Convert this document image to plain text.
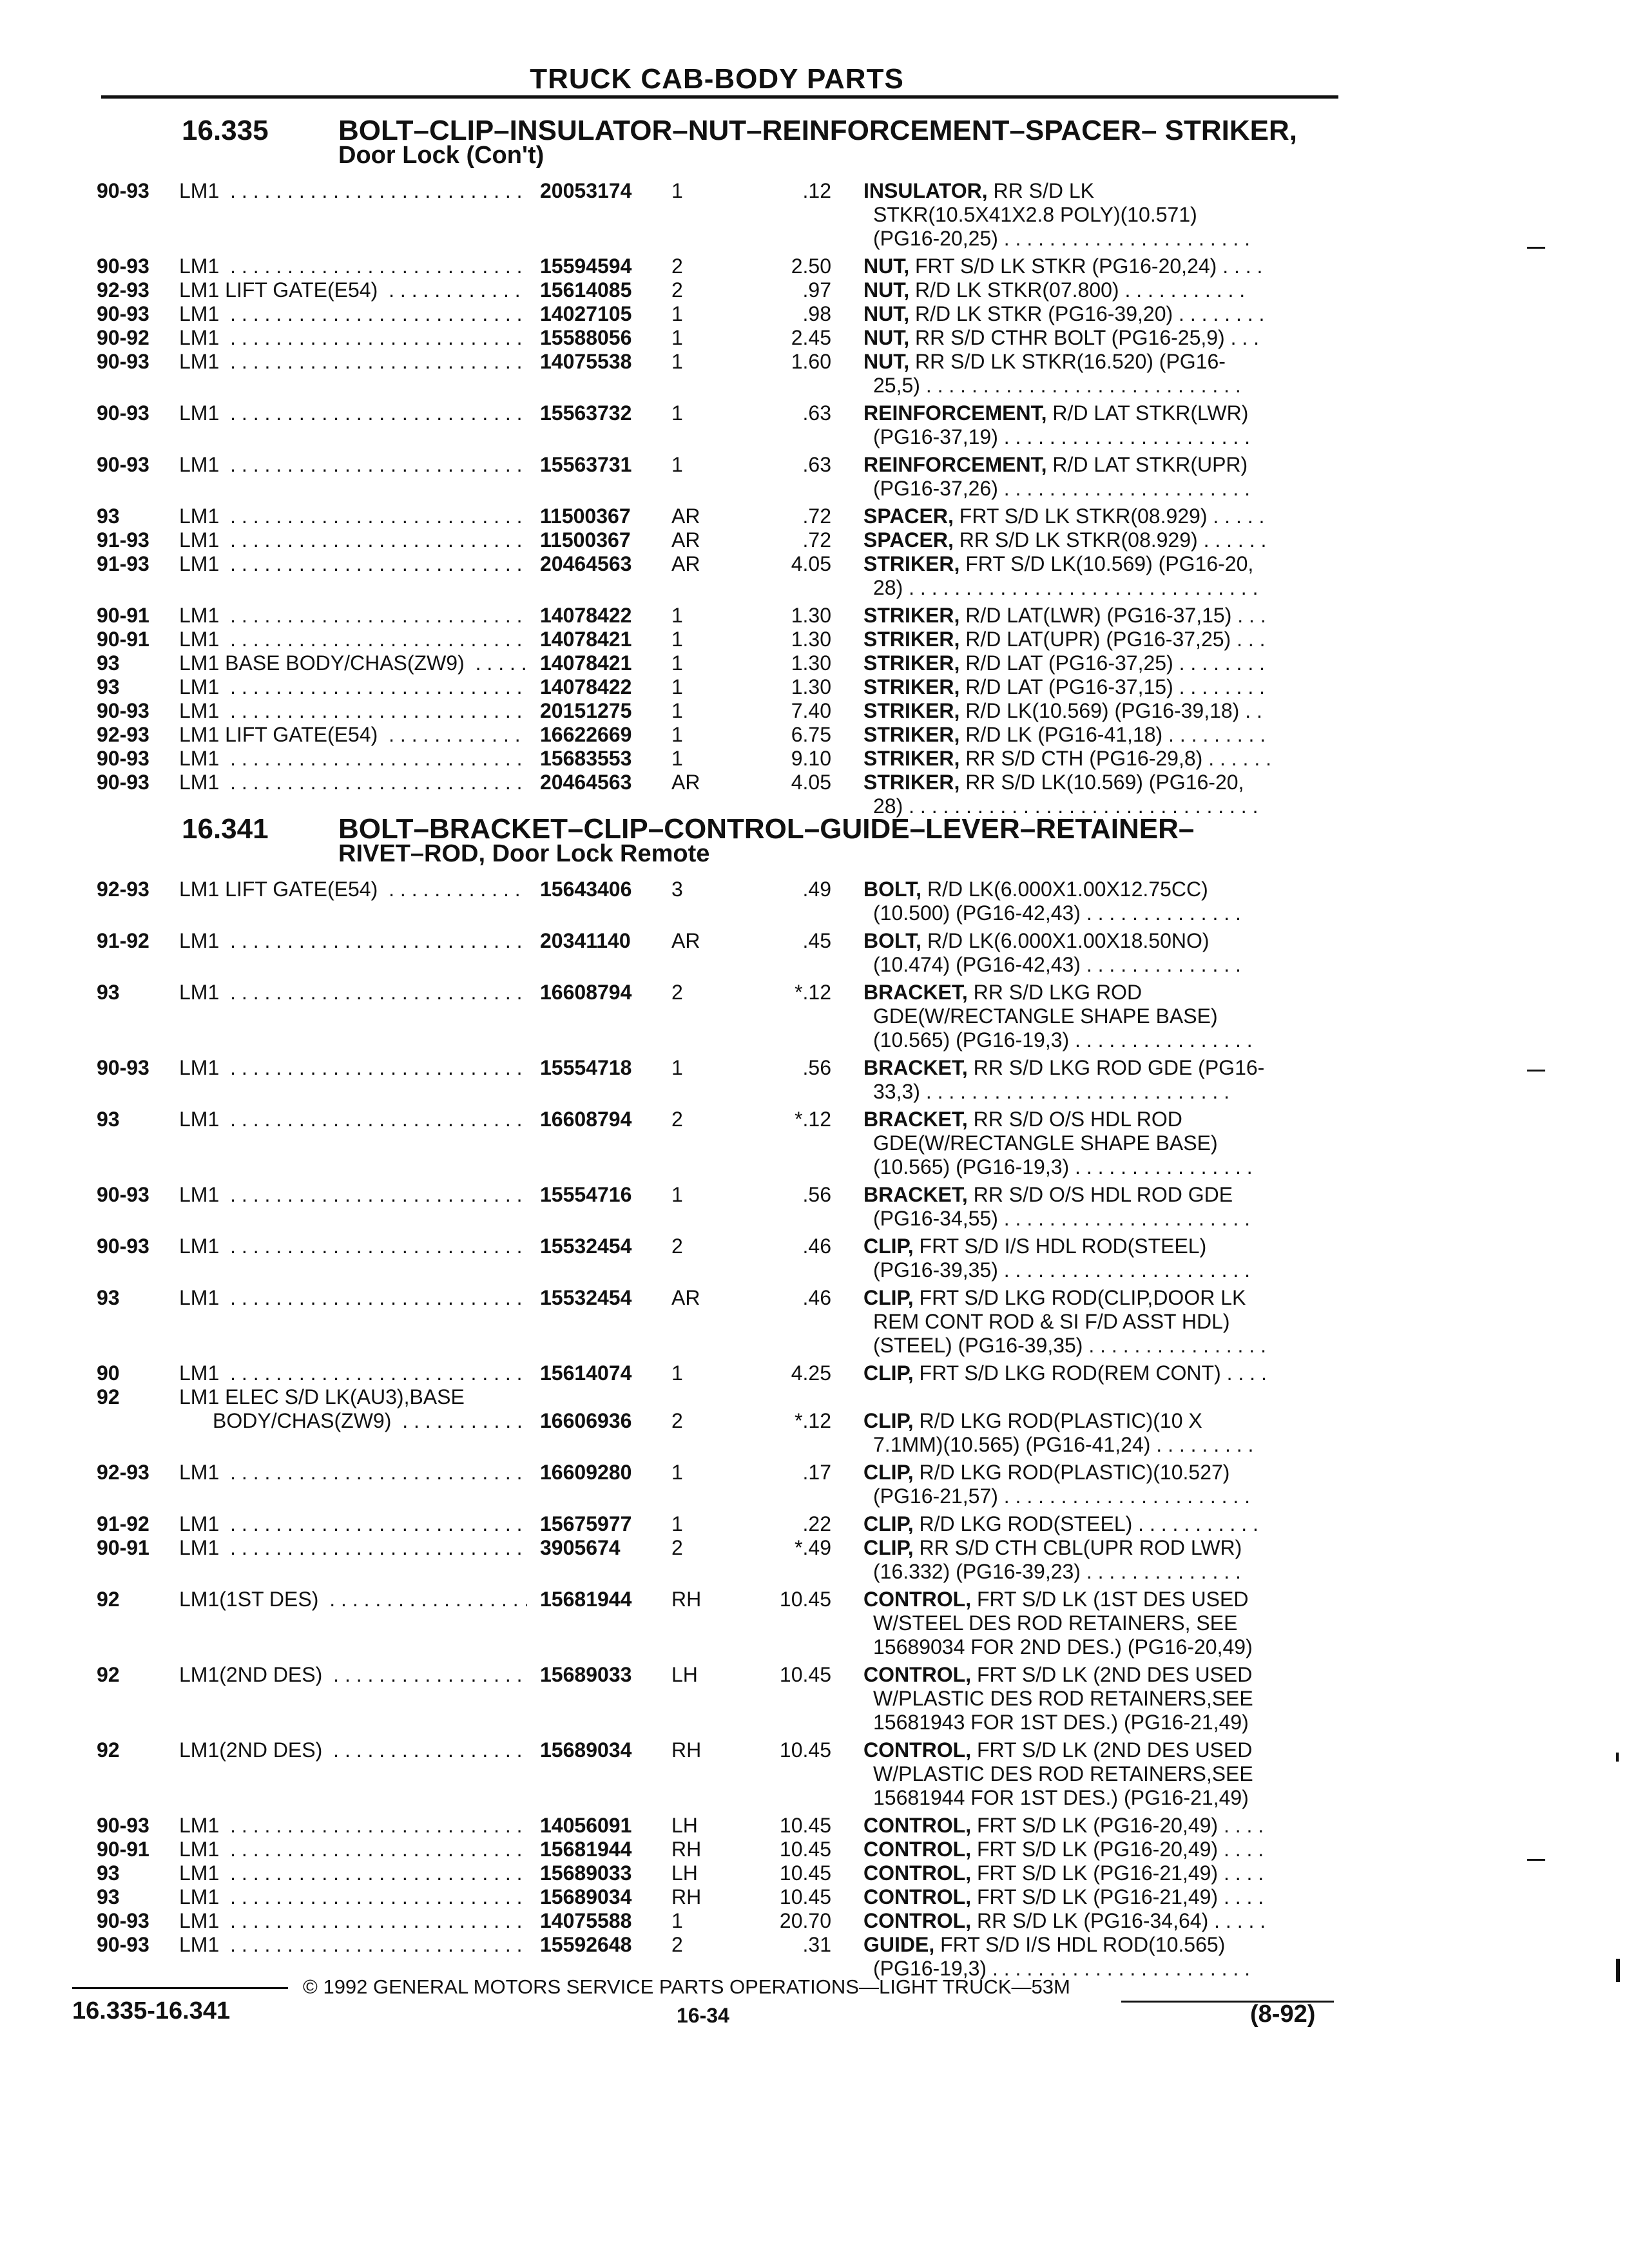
TRUCK CAB-BODY PARTS
16.335 BOLT–CLIP–INSULATOR–NUT–REINFORCEMENT–SPACER– STRIKER,
Door Lock (Con't)
90-93 LM1 . . .	20053174 1	.12 INSULATOR, RR S/D LK
STKR(10.5X41X2.8 POLY)(10.571)
(PG16-20,25) . . . . . . . . . . . . . . . . . . . . . .
90-93 LM1 . . .	15594594 2	2.50 NUT, FRT S/D LK STKR (PG16-20,24) . . . .
92-93 LM1 LIFT GATE(E54) . . .	15614085 2	.97 NUT, R/D LK STKR(07.800) . . . . . . . . . . .
90-93 LM1 . . .	14027105 1	.98 NUT, R/D LK STKR (PG16-39,20) . . . . . . . .
90-92 LM1 . . .	15588056 1	2.45 NUT, RR S/D CTHR BOLT (PG16-25,9) . . .
90-93 LM1 . . .	14075538 1	1.60 NUT, RR S/D LK STKR(16.520) (PG16-
25,5) . . . . . . . . . . . . . . . . . . . . . . . . . . . .
90-93 LM1 . . .	15563732 1	.63 REINFORCEMENT, R/D LAT STKR(LWR)
(PG16-37,19) . . . . . . . . . . . . . . . . . . . . . .
90-93 LM1 . . .	15563731 1	.63 REINFORCEMENT, R/D LAT STKR(UPR)
(PG16-37,26) . . . . . . . . . . . . . . . . . . . . . .
93	LM1 . . .	11500367 AR	.72 SPACER, FRT S/D LK STKR(08.929) . . . . .
91-93 LM1 . . .	11500367 AR	.72 SPACER, RR S/D LK STKR(08.929) . . . . . .
91-93 LM1 . . .	20464563 AR	4.05 STRIKER, FRT S/D LK(10.569) (PG16-20,
28) . . . . . . . . . . . . . . . . . . . . . . . . . . . . . . .
90-91 LM1 . . .	14078422 1	1.30 STRIKER, R/D LAT(LWR) (PG16-37,15) . . .
90-91 LM1 . . .	14078421 1	1.30 STRIKER, R/D LAT(UPR) (PG16-37,25) . . .
93	LM1 BASE BODY/CHAS(ZW9) . . .	14078421 1	1.30 STRIKER, R/D LAT (PG16-37,25) . . . . . . . .
93	LM1 . . .	14078422 1	1.30 STRIKER, R/D LAT (PG16-37,15) . . . . . . . .
90-93 LM1 . . .	20151275 1	7.40 STRIKER, R/D LK(10.569) (PG16-39,18) . .
92-93 LM1 LIFT GATE(E54) . . .	16622669 1	6.75 STRIKER, R/D LK (PG16-41,18) . . . . . . . . .
90-93 LM1 . . .	15683553 1	9.10 STRIKER, RR S/D CTH (PG16-29,8) . . . . . .
90-93 LM1 . . .	20464563 AR	4.05 STRIKER, RR S/D LK(10.569) (PG16-20,
28) . . . . . . . . . . . . . . . . . . . . . . . . . . . . . . .
16.341 BOLT–BRACKET–CLIP–CONTROL–GUIDE–LEVER–RETAINER–
RIVET–ROD, Door Lock Remote
92-93 LM1 LIFT GATE(E54) . . .	15643406 3	.49 BOLT, R/D LK(6.000X1.00X12.75CC)
(10.500) (PG16-42,43) . . . . . . . . . . . . . .
91-92 LM1 . . .	20341140 AR	.45 BOLT, R/D LK(6.000X1.00X18.50NO)
(10.474) (PG16-42,43) . . . . . . . . . . . . . .
93	LM1 . . .	16608794 2	*.12 BRACKET, RR S/D LKG ROD
GDE(W/RECTANGLE SHAPE BASE)
(10.565) (PG16-19,3) . . . . . . . . . . . . . . . .
90-93 LM1 . . .	15554718 1	.56 BRACKET, RR S/D LKG ROD GDE (PG16-
33,3) . . . . . . . . . . . . . . . . . . . . . . . . . . .
93	LM1 . . .	16608794 2	*.12 BRACKET, RR S/D O/S HDL ROD
GDE(W/RECTANGLE SHAPE BASE)
(10.565) (PG16-19,3) . . . . . . . . . . . . . . . .
90-93 LM1 . . .	15554716 1	.56 BRACKET, RR S/D O/S HDL ROD GDE
(PG16-34,55) . . . . . . . . . . . . . . . . . . . . . .
90-93 LM1 . . .	15532454 2	.46 CLIP, FRT S/D I/S HDL ROD(STEEL)
(PG16-39,35) . . . . . . . . . . . . . . . . . . . . . .
93	LM1 . . .	15532454 AR	.46 CLIP, FRT S/D LKG ROD(CLIP,DOOR LK
REM CONT ROD & SI F/D ASST HDL)
(STEEL) (PG16-39,35) . . . . . . . . . . . . . . . .
90	LM1 . . .	15614074 1	4.25 CLIP, FRT S/D LKG ROD(REM CONT) . . . .
92	LM1 ELEC S/D LK(AU3),BASE
BODY/CHAS(ZW9) . . .	16606936 2	*.12 CLIP, R/D LKG ROD(PLASTIC)(10 X
7.1MM)(10.565) (PG16-41,24) . . . . . . . . .
92-93 LM1 . . .	16609280 1	.17 CLIP, R/D LKG ROD(PLASTIC)(10.527)
(PG16-21,57) . . . . . . . . . . . . . . . . . . . . . .
91-92 LM1 . . .	15675977 1	.22 CLIP, R/D LKG ROD(STEEL) . . . . . . . . . . .
90-91 LM1 . . .	3905674 2	*.49 CLIP, RR S/D CTH CBL(UPR ROD LWR)
(16.332) (PG16-39,23) . . . . . . . . . . . . . .
92	LM1(1ST DES) . . .	15681944 RH	10.45 CONTROL, FRT S/D LK (1ST DES USED
W/STEEL DES ROD RETAINERS, SEE
15689034 FOR 2ND DES.) (PG16-20,49)
92	LM1(2ND DES) . . .	15689033 LH	10.45 CONTROL, FRT S/D LK (2ND DES USED
W/PLASTIC DES ROD RETAINERS,SEE
15681943 FOR 1ST DES.) (PG16-21,49)
92	LM1(2ND DES) . . .	15689034 RH	10.45 CONTROL, FRT S/D LK (2ND DES USED
W/PLASTIC DES ROD RETAINERS,SEE
15681944 FOR 1ST DES.) (PG16-21,49)
90-93 LM1 . . .	14056091 LH	10.45 CONTROL, FRT S/D LK (PG16-20,49) . . . .
90-91 LM1 . . .	15681944 RH	10.45 CONTROL, FRT S/D LK (PG16-20,49) . . . .
93	LM1 . . .	15689033 LH	10.45 CONTROL, FRT S/D LK (PG16-21,49) . . . .
93	LM1 . . .	15689034 RH	10.45 CONTROL, FRT S/D LK (PG16-21,49) . . . .
90-93 LM1 . . .	14075588 1	20.70 CONTROL, RR S/D LK (PG16-34,64) . . . . .
90-93 LM1 . . .	15592648 2	.31 GUIDE, FRT S/D I/S HDL ROD(10.565)
(PG16-19,3) . . . . . . . . . . . . . . . . . . . . . . .
© 1992 GENERAL MOTORS SERVICE PARTS OPERATIONS—LIGHT TRUCK—53M
16.335-16.341	16-34	(8-92)
